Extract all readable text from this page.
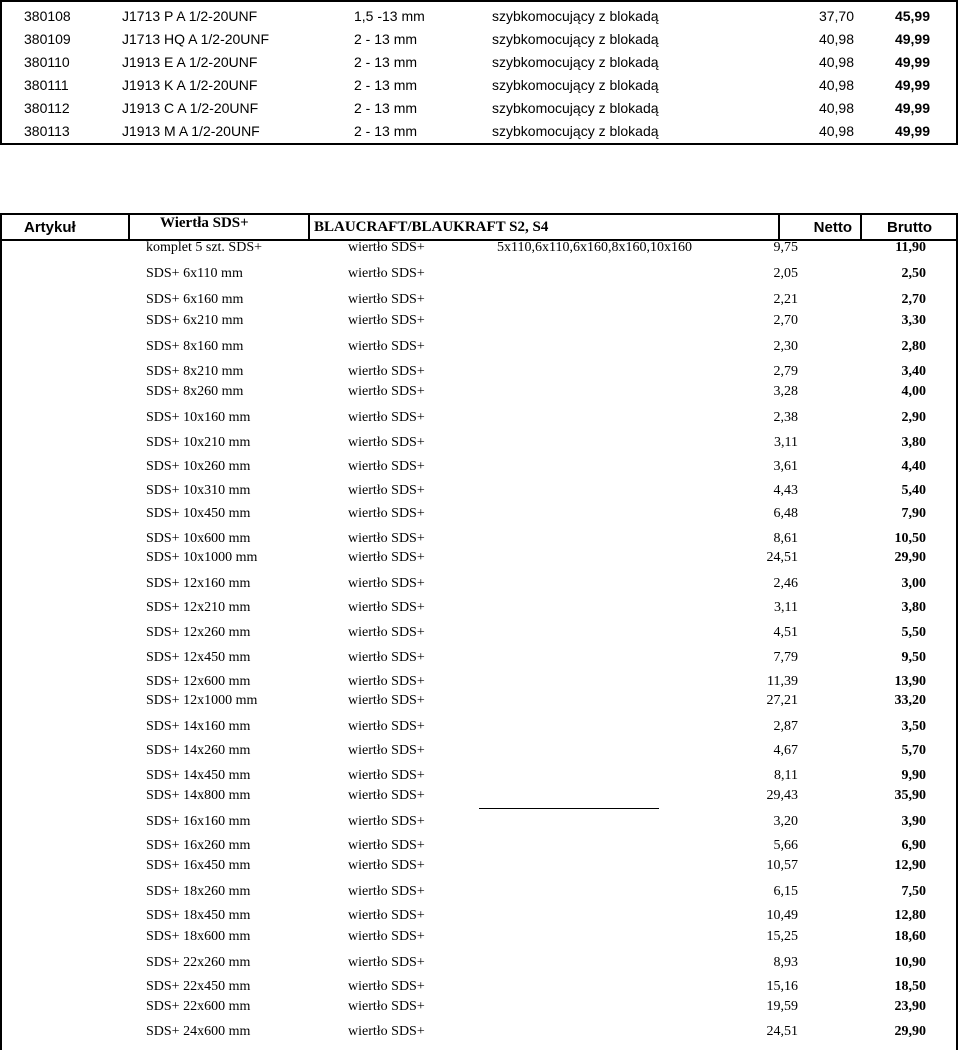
380108	J1713 P A 1/2-20UNF	1,5 -13 mm	szybkomocujący z blokadą	37,70	45,99
380109	J1713 HQ A 1/2-20UNF	2 - 13 mm	szybkomocujący z blokadą	40,98	49,99
380110	J1913 E A 1/2-20UNF	2 - 13 mm	szybkomocujący z blokadą	40,98	49,99
380111	J1913 K A 1/2-20UNF	2 - 13 mm	szybkomocujący z blokadą	40,98	49,99
380112	J1913 C A 1/2-20UNF	2 - 13 mm	szybkomocujący z blokadą	40,98	49,99
380113	J1913 M A 1/2-20UNF	2 - 13 mm	szybkomocujący z blokadą	40,98	49,99
Artykuł	Wiertła SDS+	BLAUCRAFT/BLAUKRAFT S2, S4	Netto Brutto
komplet 5 szt. SDS+	wiertło SDS+	5x110,6x110,6x160,8x160,10x160	9,75	11,90
SDS+ 6x110 mm	wiertło SDS+	2,05	2,50
SDS+ 6x160 mm	wiertło SDS+	2,21	2,70
SDS+ 6x210 mm	wiertło SDS+	2,70	3,30
SDS+ 8x160 mm	wiertło SDS+	2,30	2,80
SDS+ 8x210 mm	wiertło SDS+	2,79	3,40
SDS+ 8x260 mm	wiertło SDS+	3,28	4,00
SDS+ 10x160 mm	wiertło SDS+	2,38	2,90
SDS+ 10x210 mm	wiertło SDS+	3,11	3,80
SDS+ 10x260 mm	wiertło SDS+	3,61	4,40
SDS+ 10x310 mm	wiertło SDS+	4,43	5,40
SDS+ 10x450 mm	wiertło SDS+	6,48	7,90
SDS+ 10x600 mm	wiertło SDS+	8,61	10,50
SDS+ 10x1000 mm	wiertło SDS+	24,51	29,90
SDS+ 12x160 mm	wiertło SDS+	2,46	3,00
SDS+ 12x210 mm	wiertło SDS+	3,11	3,80
SDS+ 12x260 mm	wiertło SDS+	4,51	5,50
SDS+ 12x450 mm	wiertło SDS+	7,79	9,50
SDS+ 12x600 mm	wiertło SDS+	11,39	13,90
SDS+ 12x1000 mm	wiertło SDS+	27,21	33,20
SDS+ 14x160 mm	wiertło SDS+	2,87	3,50
SDS+ 14x260 mm	wiertło SDS+	4,67	5,70
SDS+ 14x450 mm	wiertło SDS+	8,11	9,90
SDS+ 14x800 mm	wiertło SDS+	29,43	35,90
SDS+ 16x160 mm	wiertło SDS+	3,20	3,90
SDS+ 16x260 mm	wiertło SDS+	5,66	6,90
SDS+ 16x450 mm	wiertło SDS+	10,57	12,90
SDS+ 18x260 mm	wiertło SDS+	6,15	7,50
SDS+ 18x450 mm	wiertło SDS+	10,49	12,80
SDS+ 18x600 mm	wiertło SDS+	15,25	18,60
SDS+ 22x260 mm	wiertło SDS+	8,93	10,90
SDS+ 22x450 mm	wiertło SDS+	15,16	18,50
SDS+ 22x600 mm	wiertło SDS+	19,59	23,90
SDS+ 24x600 mm	wiertło SDS+	24,51	29,90
